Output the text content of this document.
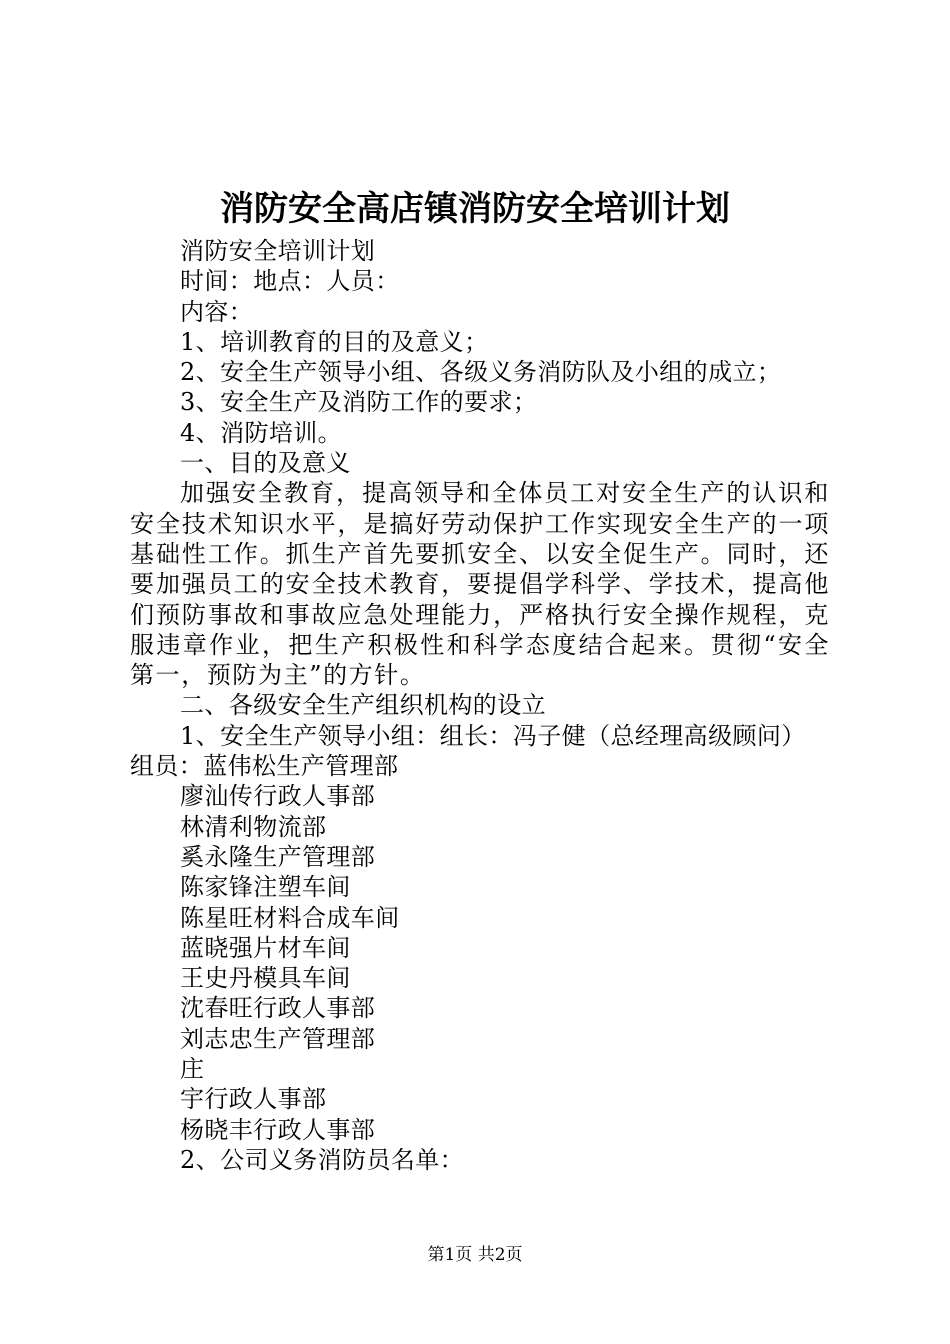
消防安全高店镇消防安全培训计划
消防安全培训计划
时间：地点：人员：
内容：
1、培训教育的目的及意义；
2、安全生产领导小组、各级义务消防队及小组的成立；
3、安全生产及消防工作的要求；
4、消防培训。
一、目的及意义

加强安全教育，提高领导和全体员工对安全生产的认识和安全技术知识水平，是搞好劳动保护工作实现安全生产的一项基础性工作。抓生产首先要抓安全、以安全促生产。同时，还要加强员工的安全技术教育，要提倡学科学、学技术，提高他们预防事故和事故应急处理能力，严格执行安全操作规程，克服违章作业，把生产积极性和科学态度结合起来。贯彻“安全第一，预防为主”的方针。

二、各级安全生产组织机构的设立
1、安全生产领导小组：组长：冯子健（总经理高级顾问）
组员：蓝伟松生产管理部
廖汕传行政人事部
林清利物流部
奚永隆生产管理部
陈家锋注塑车间
陈星旺材料合成车间
蓝晓强片材车间
王史丹模具车间
沈春旺行政人事部
刘志忠生产管理部
庄
宇行政人事部
杨晓丰行政人事部
2、公司义务消防员名单：
第1页 共2页
